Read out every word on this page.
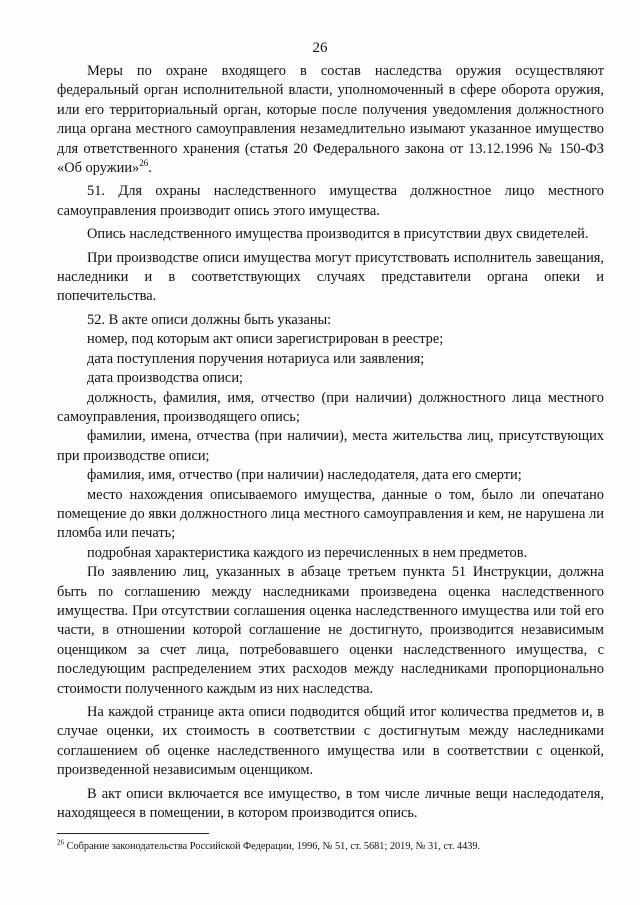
26

Меры по охране входящего в состав наследства оружия осуществляют федеральный орган исполнительной власти, уполномоченный в сфере оборота оружия, или его территориальный орган, которые после получения уведомления должностного лица органа местного самоуправления незамедлительно изымают указанное имущество для ответственного хранения (статья 20 Федерального закона от 13.12.1996 № 150-ФЗ «Об оружии»$^{26}$.

51. Для охраны наследственного имущества должностное лицо местного самоуправления производит опись этого имущества.

Опись наследственного имущества производится в присутствии двух свидетелей.

При производстве описи имущества могут присутствовать исполнитель завещания, наследники и в соответствующих случаях представители органа опеки и попечительства.

52. В акте описи должны быть указаны:

номер, под которым акт описи зарегистрирован в реестре;

дата поступления поручения нотариуса или заявления;

дата производства описи;

должность, фамилия, имя, отчество (при наличии) должностного лица местного самоуправления, производящего опись;

фамилии, имена, отчества (при наличии), места жительства лиц, присутствующих при производстве описи;

фамилия, имя, отчество (при наличии) наследодателя, дата его смерти;

место нахождения описываемого имущества, данные о том, было ли опечатано помещение до явки должностного лица местного самоуправления и кем, не нарушена ли пломба или печать;

подробная характеристика каждого из перечисленных в нем предметов.

По заявлению лиц, указанных в абзаце третьем пункта 51 Инструкции, должна быть по соглашению между наследниками произведена оценка наследственного имущества. При отсутствии соглашения оценка наследственного имущества или той его части, в отношении которой соглашение не достигнуто, производится независимым оценщиком за счет лица, потребовавшего оценки наследственного имущества, с последующим распределением этих расходов между наследниками пропорционально стоимости полученного каждым из них наследства.

На каждой странице акта описи подводится общий итог количества предметов и, в случае оценки, их стоимость в соответствии с достигнутым между наследниками соглашением об оценке наследственного имущества или в соответствии с оценкой, произведенной независимым оценщиком.

В акт описи включается все имущество, в том числе личные вещи наследодателя, находящееся в помещении, в котором производится опись.

$^{26}$ Собрание законодательства Российской Федерации, 1996, № 51, ст. 5681; 2019, № 31, ст. 4439.
